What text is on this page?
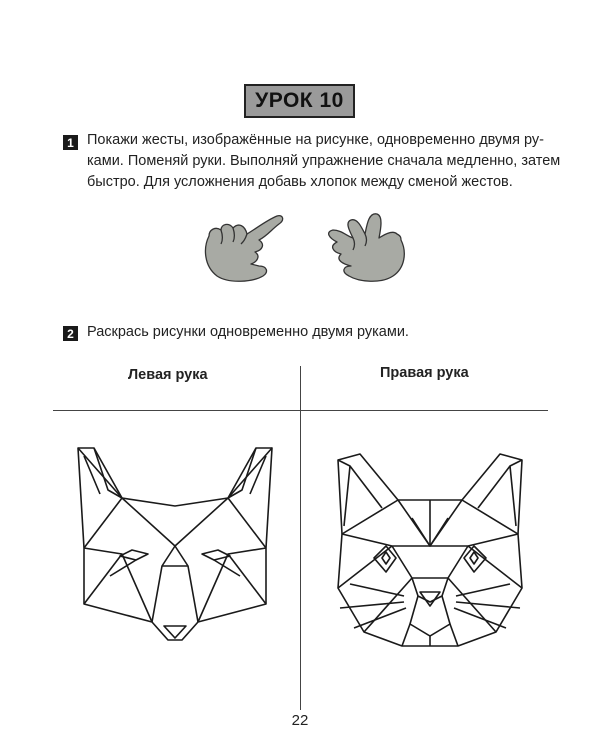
УРОК 10
1 Покажи жесты, изображённые на рисунке, одновременно двумя ру-
ками. Поменяй руки. Выполняй упражнение сначала медленно, затем
быстро. Для усложнения добавь хлопок между сменой жестов.
2 Раскрась рисунки одновременно двумя руками.
Левая рука	Правая рука
22
